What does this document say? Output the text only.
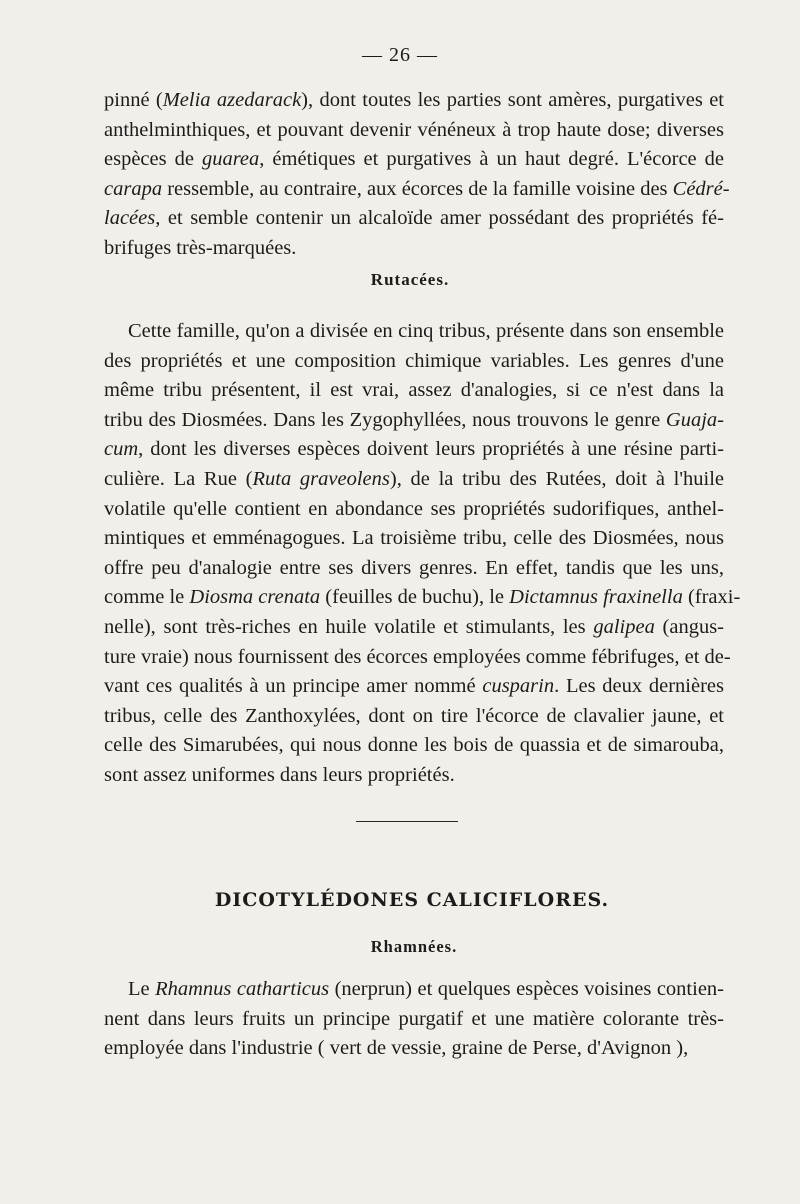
— 26 —

pinné (Melia azedarack), dont toutes les parties sont amères, purgatives et
anthelminthiques, et pouvant devenir vénéneux à trop haute dose; diverses
espèces de guarea, émétiques et purgatives à un haut degré. L'écorce de
carapa ressemble, au contraire, aux écorces de la famille voisine des Cédré-
lacées, et semble contenir un alcaloïde amer possédant des propriétés fé-
brifuges très-marquées.

Rutacées.

Cette famille, qu'on a divisée en cinq tribus, présente dans son ensemble
des propriétés et une composition chimique variables. Les genres d'une
même tribu présentent, il est vrai, assez d'analogies, si ce n'est dans la
tribu des Diosmées. Dans les Zygophyllées, nous trouvons le genre Guaja-
cum, dont les diverses espèces doivent leurs propriétés à une résine parti-
culière. La Rue (Ruta graveolens), de la tribu des Rutées, doit à l'huile
volatile qu'elle contient en abondance ses propriétés sudorifiques, anthel-
mintiques et emménagogues. La troisième tribu, celle des Diosmées, nous
offre peu d'analogie entre ses divers genres. En effet, tandis que les uns,
comme le Diosma crenata (feuilles de buchu), le Dictamnus fraxinella (fraxi-
nelle), sont très-riches en huile volatile et stimulants, les galipea (angus-
ture vraie) nous fournissent des écorces employées comme fébrifuges, et de-
vant ces qualités à un principe amer nommé cusparin. Les deux dernières
tribus, celle des Zanthoxylées, dont on tire l'écorce de clavalier jaune, et
celle des Simarubées, qui nous donne les bois de quassia et de simarouba,
sont assez uniformes dans leurs propriétés.

DICOTYLÉDONES CALICIFLORES.
Rhamnées.

Le Rhamnus catharticus (nerprun) et quelques espèces voisines contien-
nent dans leurs fruits un principe purgatif et une matière colorante très-
employée dans l'industrie ( vert de vessie, graine de Perse, d'Avignon ),
